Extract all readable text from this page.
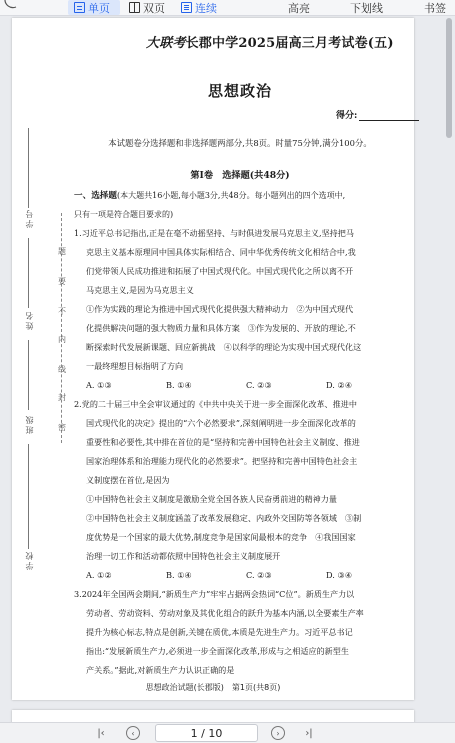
单页	双页	连续	高亮	下划线	书签
学号
姓名
班级
学校
题
要
不
内
线
封
密
大联考长郡中学2025届高三月考试卷(五)
思想政治
得分:
本试题卷分选择题和非选择题两部分,共8页。时量75分钟,满分100分。
第Ⅰ卷　选择题(共48分)
一、选择题(本大题共16小题,每小题3分,共48分。每小题列出的四个选项中,
只有一项是符合题目要求的)
1.习近平总书记指出,正是在毫不动摇坚持、与时俱进发展马克思主义,坚持把马
克思主义基本原理同中国具体实际相结合、同中华优秀传统文化相结合中,我
们党带领人民成功推进和拓展了中国式现代化。中国式现代化之所以离不开
马克思主义,是因为马克思主义
①作为实践的理论为推进中国式现代化提供强大精神动力　②为中国式现代
化提供解决问题的强大物质力量和具体方案　③作为发展的、开放的理论,不
断探索时代发展新课题、回应新挑战　④以科学的理论为实现中国式现代化这
一最终理想目标指明了方向
A. ①③	B. ①④	C. ②③	D. ②④
2.党的二十届三中全会审议通过的《中共中央关于进一步全面深化改革、推进中
国式现代化的决定》提出的“六个必然要求”,深刻阐明进一步全面深化改革的
重要性和必要性,其中排在首位的是“坚持和完善中国特色社会主义制度、推进
国家治理体系和治理能力现代化的必然要求”。把坚持和完善中国特色社会主
义制度摆在首位,是因为
①中国特色社会主义制度是激励全党全国各族人民奋勇前进的精神力量
②中国特色社会主义制度涵盖了改革发展稳定、内政外交国防等各领域　③制
度优势是一个国家的最大优势,制度竞争是国家间最根本的竞争　④我国国家
治理一切工作和活动都依照中国特色社会主义制度展开
A. ①②	B. ①④	C. ②③	D. ③④
3.2024年全国两会期间,“新质生产力”牢牢占据两会热词“C位”。新质生产力以
劳动者、劳动资料、劳动对象及其优化组合的跃升为基本内涵,以全要素生产率
提升为核心标志,特点是创新,关键在质优,本质是先进生产力。习近平总书记
指出:“发展新质生产力,必须进一步全面深化改革,形成与之相适应的新型生
产关系。”据此,对新质生产力认识正确的是
思想政治试题(长郡版)　第1页(共8页)
|‹	‹	1 / 10	›	›|
